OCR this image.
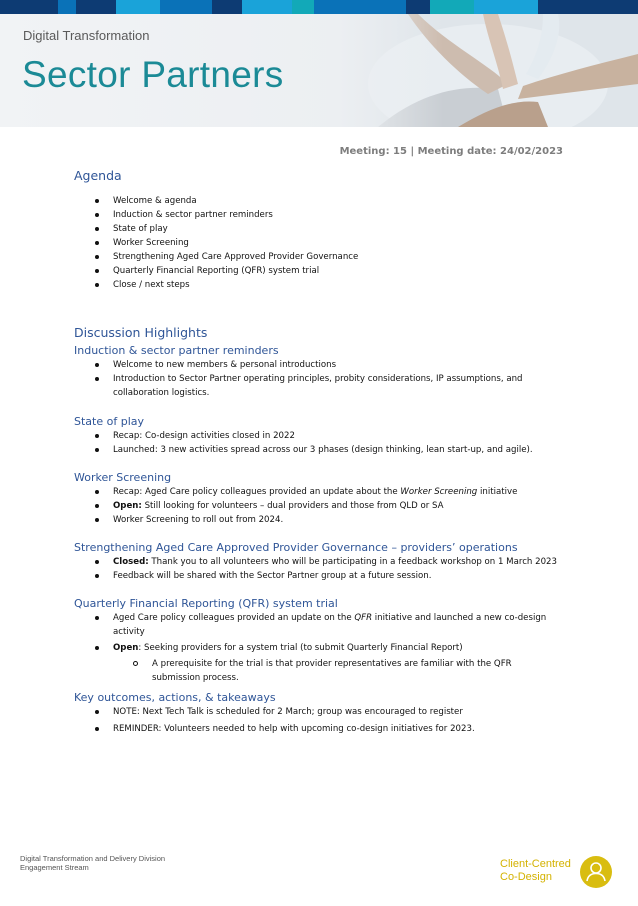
Digital Transformation
Sector Partners
Meeting: 15 | Meeting date: 24/02/2023
Agenda
Welcome & agenda
Induction & sector partner reminders
State of play
Worker Screening
Strengthening Aged Care Approved Provider Governance
Quarterly Financial Reporting (QFR) system trial
Close / next steps
Discussion Highlights
Induction & sector partner reminders
Welcome to new members & personal introductions
Introduction to Sector Partner operating principles, probity considerations, IP assumptions, and
collaboration logistics.
State of play
Recap: Co-design activities closed in 2022
Launched: 3 new activities spread across our 3 phases (design thinking, lean start-up, and agile).
Worker Screening
Recap: Aged Care policy colleagues provided an update about the Worker Screening initiative
Open: Still looking for volunteers – dual providers and those from QLD or SA
Worker Screening to roll out from 2024.
Strengthening Aged Care Approved Provider Governance – providers’ operations
Closed: Thank you to all volunteers who will be participating in a feedback workshop on 1 March 2023
Feedback will be shared with the Sector Partner group at a future session.
Quarterly Financial Reporting (QFR) system trial
Aged Care policy colleagues provided an update on the QFR initiative and launched a new co-design
activity
Open: Seeking providers for a system trial (to submit Quarterly Financial Report)
A prerequisite for the trial is that provider representatives are familiar with the QFR
submission process.
Key outcomes, actions, & takeaways
NOTE: Next Tech Talk is scheduled for 2 March; group was encouraged to register
REMINDER: Volunteers needed to help with upcoming co-design initiatives for 2023.
Digital Transformation and Delivery Division
Engagement Stream	Client-Centred
Co-Design
